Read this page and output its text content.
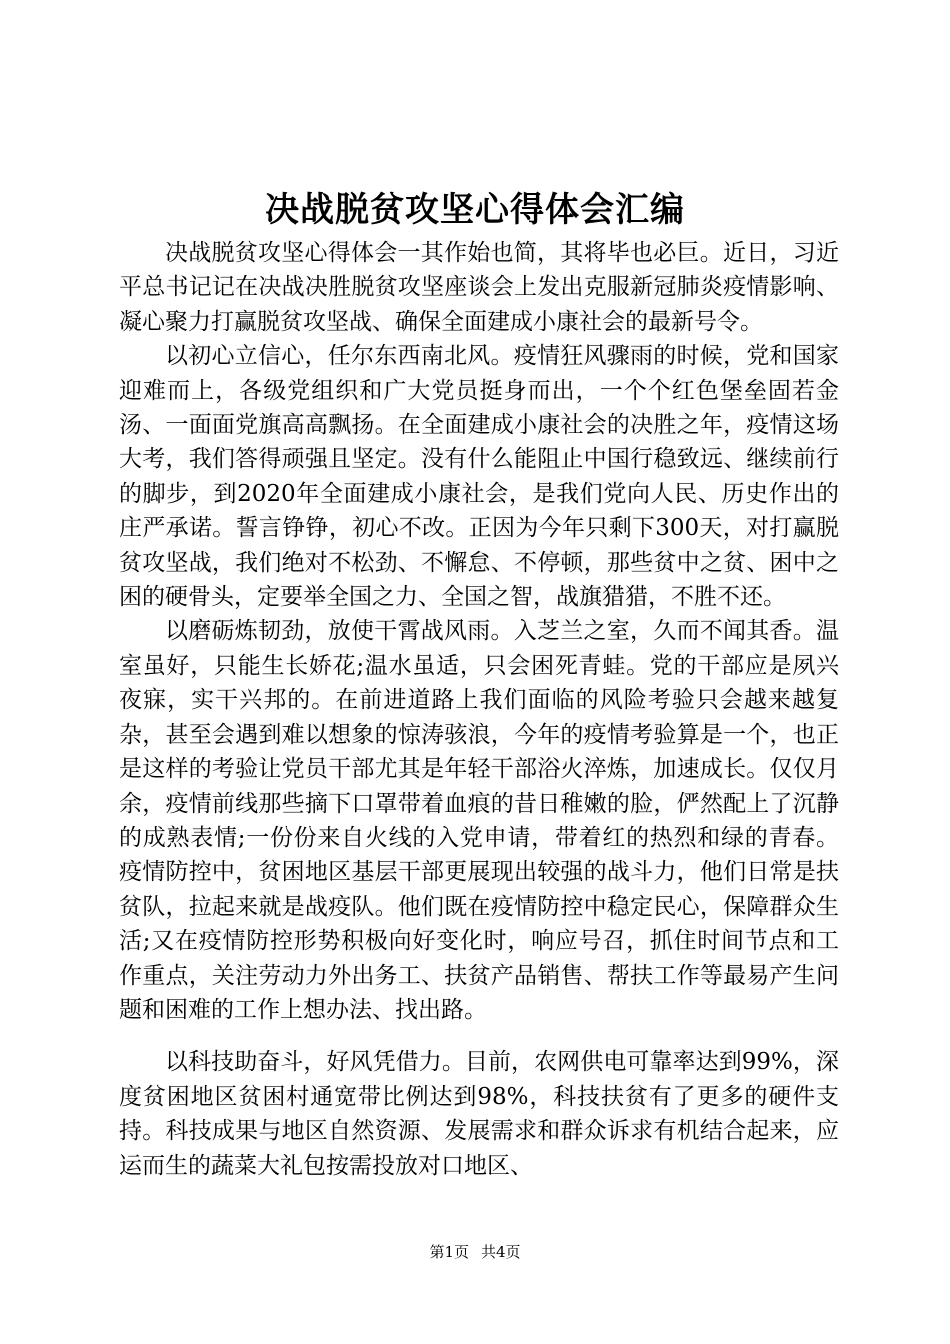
决战脱贫攻坚心得体会汇编

决战脱贫攻坚心得体会一其作始也简，其将毕也必巨。近日，习近平总书记记在决战决胜脱贫攻坚座谈会上发出克服新冠肺炎疫情影响、凝心聚力打赢脱贫攻坚战、确保全面建成小康社会的最新号令。

以初心立信心，任尔东西南北风。疫情狂风骤雨的时候，党和国家迎难而上，各级党组织和广大党员挺身而出，一个个红色堡垒固若金汤、一面面党旗高高飘扬。在全面建成小康社会的决胜之年，疫情这场大考，我们答得顽强且坚定。没有什么能阻止中国行稳致远、继续前行的脚步，到2020年全面建成小康社会，是我们党向人民、历史作出的庄严承诺。誓言铮铮，初心不改。正因为今年只剩下300天，对打赢脱贫攻坚战，我们绝对不松劲、不懈怠、不停顿，那些贫中之贫、困中之困的硬骨头，定要举全国之力、全国之智，战旗猎猎，不胜不还。

以磨砺炼韧劲，放使干霄战风雨。入芝兰之室，久而不闻其香。温室虽好，只能生长娇花;温水虽适，只会困死青蛙。党的干部应是夙兴夜寐，实干兴邦的。在前进道路上我们面临的风险考验只会越来越复杂，甚至会遇到难以想象的惊涛骇浪，今年的疫情考验算是一个，也正是这样的考验让党员干部尤其是年轻干部浴火淬炼，加速成长。仅仅月余，疫情前线那些摘下口罩带着血痕的昔日稚嫩的脸，俨然配上了沉静的成熟表情;一份份来自火线的入党申请，带着红的热烈和绿的青春。疫情防控中，贫困地区基层干部更展现出较强的战斗力，他们日常是扶贫队，拉起来就是战疫队。他们既在疫情防控中稳定民心，保障群众生活;又在疫情防控形势积极向好变化时，响应号召，抓住时间节点和工作重点，关注劳动力外出务工、扶贫产品销售、帮扶工作等最易产生问题和困难的工作上想办法、找出路。

以科技助奋斗，好风凭借力。目前，农网供电可靠率达到99%，深度贫困地区贫困村通宽带比例达到98%，科技扶贫有了更多的硬件支持。科技成果与地区自然资源、发展需求和群众诉求有机结合起来，应运而生的蔬菜大礼包按需投放对口地区、

第1页 共4页
